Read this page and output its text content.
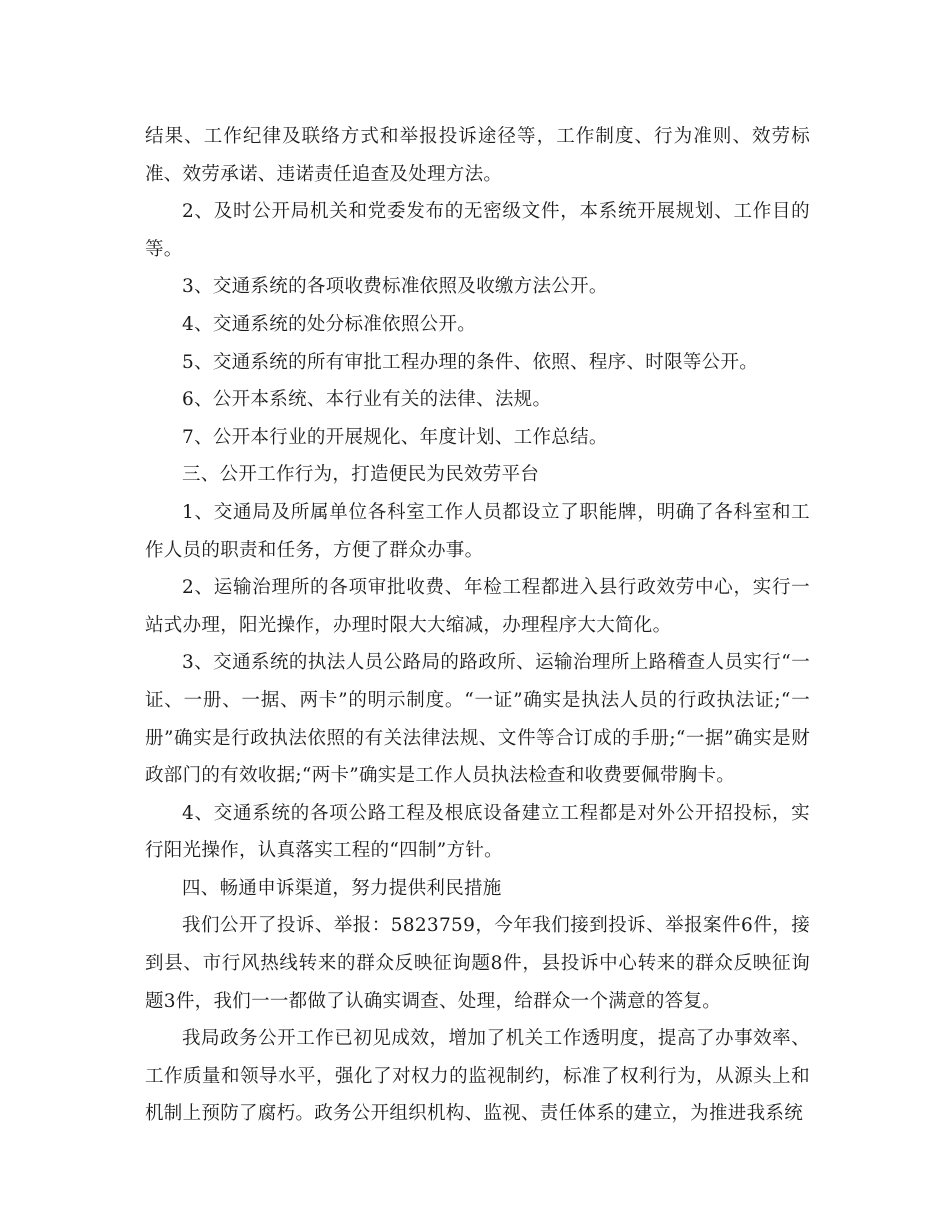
结果、工作纪律及联络方式和举报投诉途径等，工作制度、行为准则、效劳标准、效劳承诺、违诺责任追查及处理方法。

2、及时公开局机关和党委发布的无密级文件，本系统开展规划、工作目的等。

3、交通系统的各项收费标准依照及收缴方法公开。

4、交通系统的处分标准依照公开。

5、交通系统的所有审批工程办理的条件、依照、程序、时限等公开。

6、公开本系统、本行业有关的法律、法规。

7、公开本行业的开展规化、年度计划、工作总结。

三、公开工作行为，打造便民为民效劳平台

1、交通局及所属单位各科室工作人员都设立了职能牌，明确了各科室和工作人员的职责和任务，方便了群众办事。

2、运输治理所的各项审批收费、年检工程都进入县行政效劳中心，实行一站式办理，阳光操作，办理时限大大缩减，办理程序大大简化。

3、交通系统的执法人员公路局的路政所、运输治理所上路稽查人员实行“一证、一册、一据、两卡”的明示制度。“一证”确实是执法人员的行政执法证;“一册”确实是行政执法依照的有关法律法规、文件等合订成的手册;“一据”确实是财政部门的有效收据;“两卡”确实是工作人员执法检查和收费要佩带胸卡。

4、交通系统的各项公路工程及根底设备建立工程都是对外公开招投标，实行阳光操作，认真落实工程的“四制”方针。

四、畅通申诉渠道，努力提供利民措施

我们公开了投诉、举报：5823759，今年我们接到投诉、举报案件6件，接到县、市行风热线转来的群众反映征询题8件，县投诉中心转来的群众反映征询题3件，我们一一都做了认确实调查、处理，给群众一个满意的答复。

我局政务公开工作已初见成效，增加了机关工作透明度，提高了办事效率、工作质量和领导水平，强化了对权力的监视制约，标准了权利行为，从源头上和机制上预防了腐朽。政务公开组织机构、监视、责任体系的建立，为推进我系统
